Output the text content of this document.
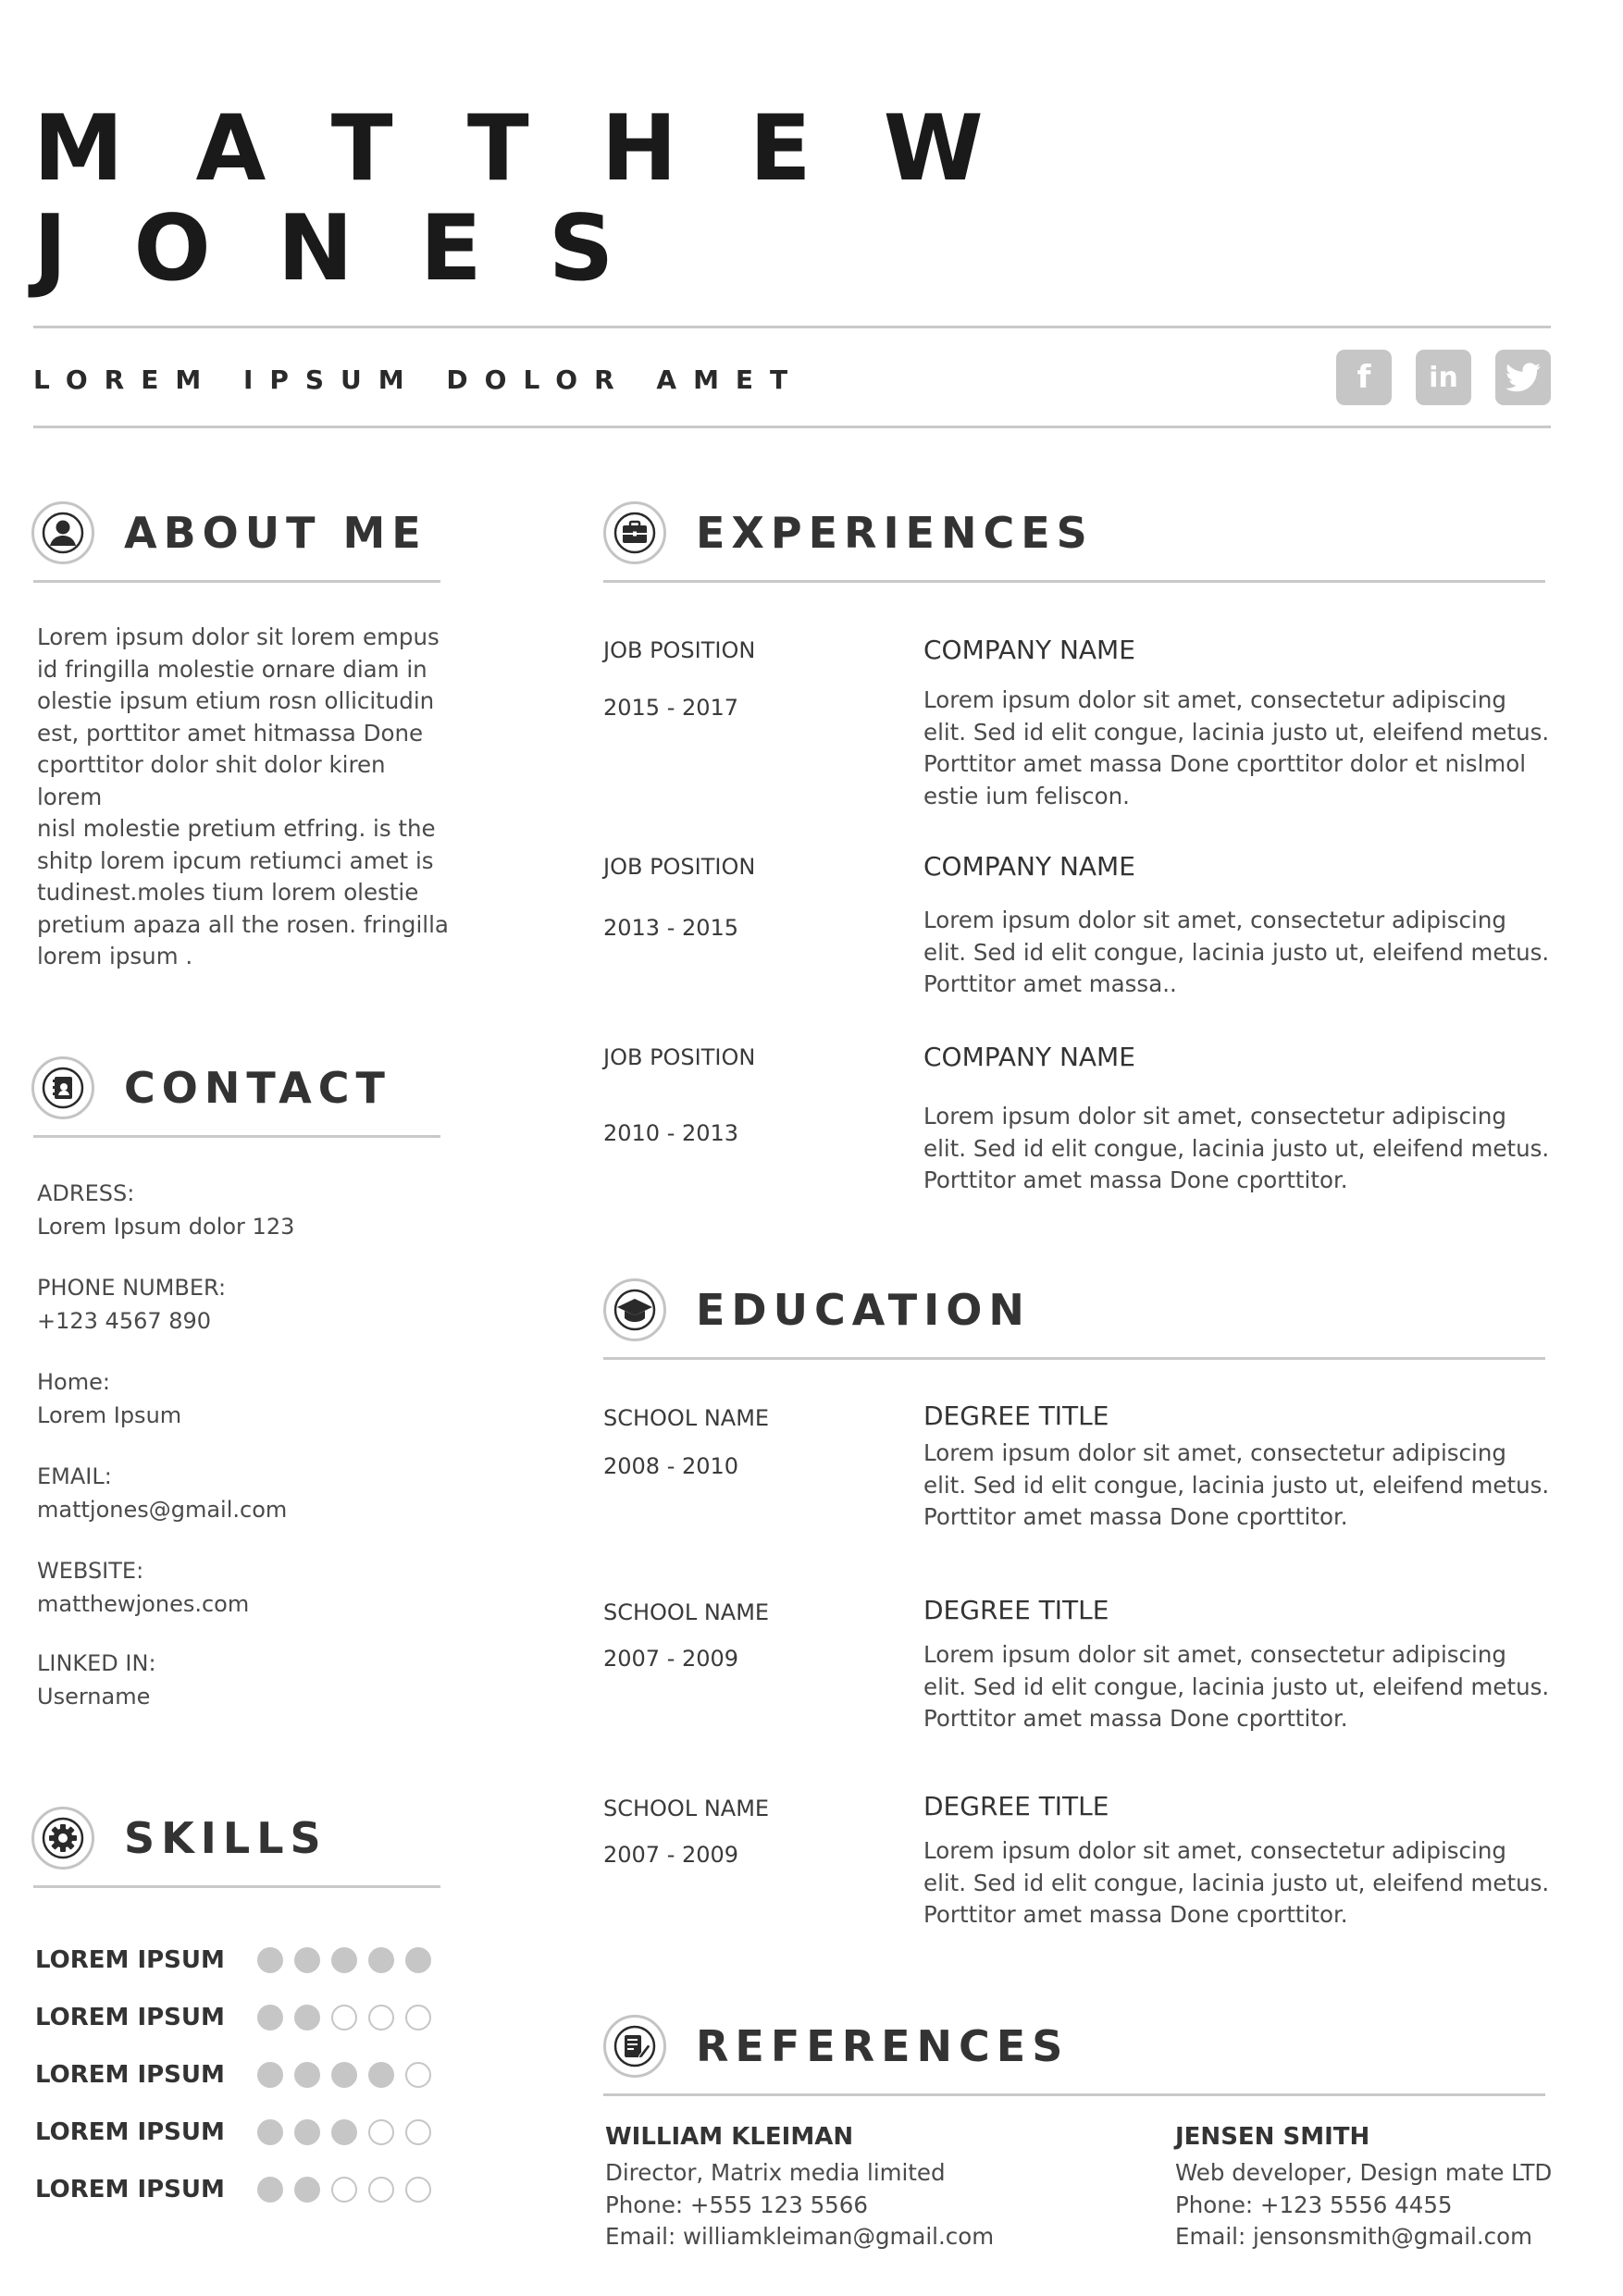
MATTHEW
JONES
LOREM IPSUM DOLOR AMET	f in
ABOUT ME
Lorem ipsum dolor sit lorem empus
id fringilla molestie ornare diam in
olestie ipsum etium rosn ollicitudin
est, porttitor amet hitmassa Done
cporttitor dolor shit dolor kiren lorem
nisl molestie pretium etfring. is the
shitp lorem ipcum retiumci amet is
tudinest.moles tium lorem olestie
pretium apaza all the rosen. fringilla
lorem ipsum .
CONTACT
ADRESS:
Lorem Ipsum dolor 123
PHONE NUMBER:
+123 4567 890
Home:
Lorem Ipsum
EMAIL:
mattjones@gmail.com
WEBSITE:
matthewjones.com
LINKED IN:
Username
SKILLS
LOREM IPSUM
LOREM IPSUM
LOREM IPSUM
LOREM IPSUM
LOREM IPSUM
EXPERIENCES
JOB POSITION
2015 - 2017
COMPANY NAME
Lorem ipsum dolor sit amet, consectetur adipiscing
elit. Sed id elit congue, lacinia justo ut, eleifend metus.
Porttitor amet massa Done cporttitor dolor et nislmol
estie ium feliscon.
JOB POSITION
2013 - 2015
COMPANY NAME
Lorem ipsum dolor sit amet, consectetur adipiscing
elit. Sed id elit congue, lacinia justo ut, eleifend metus.
Porttitor amet massa..
JOB POSITION
2010 - 2013
COMPANY NAME
Lorem ipsum dolor sit amet, consectetur adipiscing
elit. Sed id elit congue, lacinia justo ut, eleifend metus.
Porttitor amet massa Done cporttitor.
EDUCATION
SCHOOL NAME
2008 - 2010
DEGREE TITLE
Lorem ipsum dolor sit amet, consectetur adipiscing
elit. Sed id elit congue, lacinia justo ut, eleifend metus.
Porttitor amet massa Done cporttitor.
SCHOOL NAME
2007 - 2009
DEGREE TITLE
Lorem ipsum dolor sit amet, consectetur adipiscing
elit. Sed id elit congue, lacinia justo ut, eleifend metus.
Porttitor amet massa Done cporttitor.
SCHOOL NAME
2007 - 2009
DEGREE TITLE
Lorem ipsum dolor sit amet, consectetur adipiscing
elit. Sed id elit congue, lacinia justo ut, eleifend metus.
Porttitor amet massa Done cporttitor.
REFERENCES
WILLIAM KLEIMAN
Director, Matrix media limited
Phone: +555 123 5566
Email: williamkleiman@gmail.com
JENSEN SMITH
Web developer, Design mate LTD
Phone: +123 5556 4455
Email: jensonsmith@gmail.com
